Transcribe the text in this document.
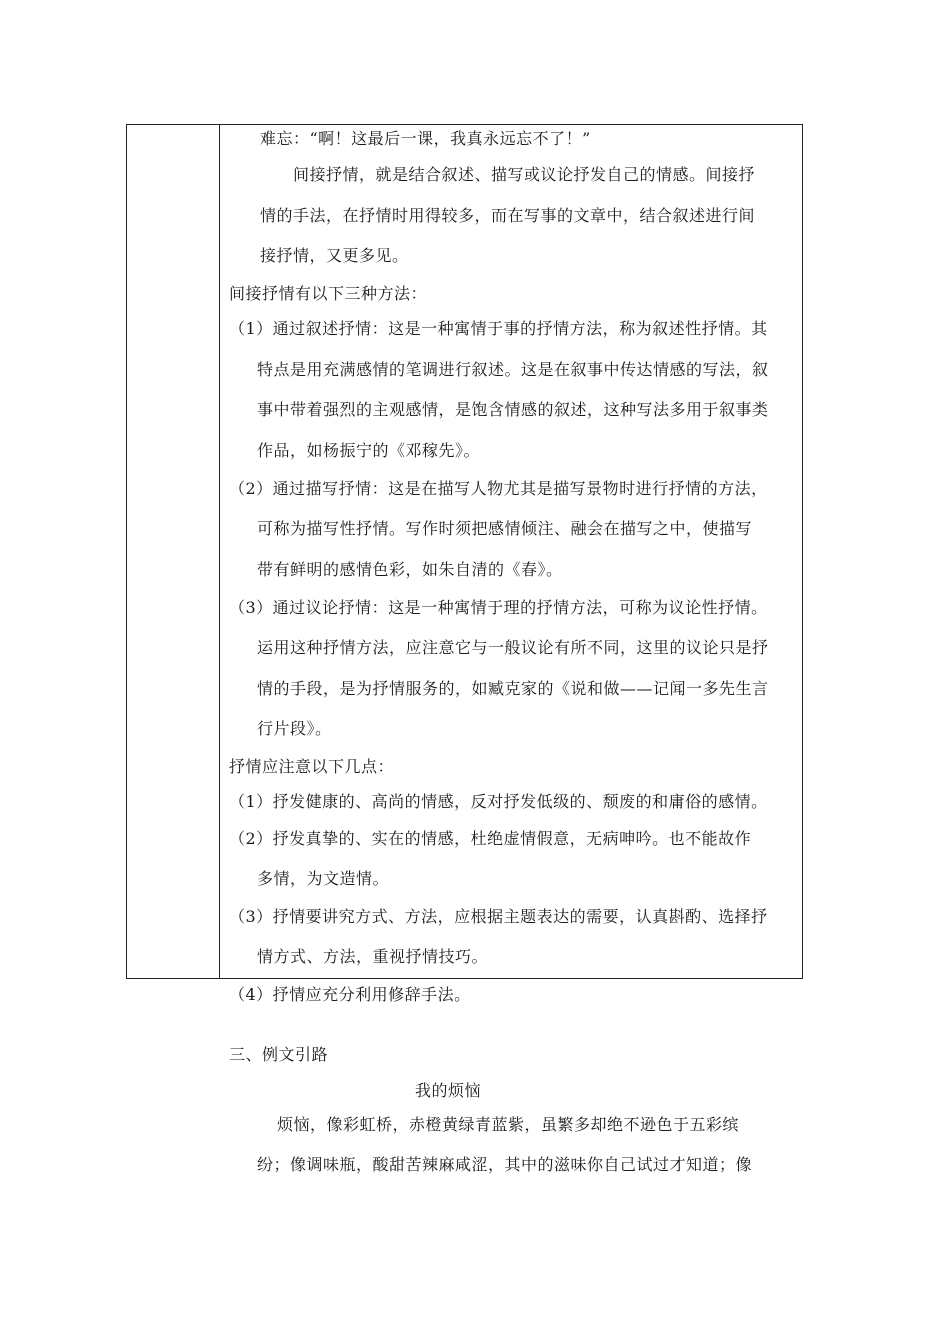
难忘：“啊！这最后一课，我真永远忘不了！”
间接抒情，就是结合叙述、描写或议论抒发自己的情感。间接抒
情的手法，在抒情时用得较多，而在写事的文章中，结合叙述进行间
接抒情，又更多见。
间接抒情有以下三种方法：
（1）通过叙述抒情：这是一种寓情于事的抒情方法，称为叙述性抒情。其
特点是用充满感情的笔调进行叙述。这是在叙事中传达情感的写法，叙
事中带着强烈的主观感情，是饱含情感的叙述，这种写法多用于叙事类
作品，如杨振宁的《邓稼先》。
（2）通过描写抒情：这是在描写人物尤其是描写景物时进行抒情的方法，
可称为描写性抒情。写作时须把感情倾注、融会在描写之中，使描写
带有鲜明的感情色彩，如朱自清的《春》。
（3）通过议论抒情：这是一种寓情于理的抒情方法，可称为议论性抒情。
运用这种抒情方法，应注意它与一般议论有所不同，这里的议论只是抒
情的手段，是为抒情服务的，如臧克家的《说和做——记闻一多先生言
行片段》。
抒情应注意以下几点：
（1）抒发健康的、高尚的情感，反对抒发低级的、颓废的和庸俗的感情。
（2）抒发真挚的、实在的情感，杜绝虚情假意，无病呻吟。也不能故作
多情，为文造情。
（3）抒情要讲究方式、方法，应根据主题表达的需要，认真斟酌、选择抒
情方式、方法，重视抒情技巧。
（4）抒情应充分利用修辞手法。
三、例文引路
我的烦恼
烦恼，像彩虹桥，赤橙黄绿青蓝紫，虽繁多却绝不逊色于五彩缤
纷；像调味瓶，酸甜苦辣麻咸涩，其中的滋味你自己试过才知道；像
